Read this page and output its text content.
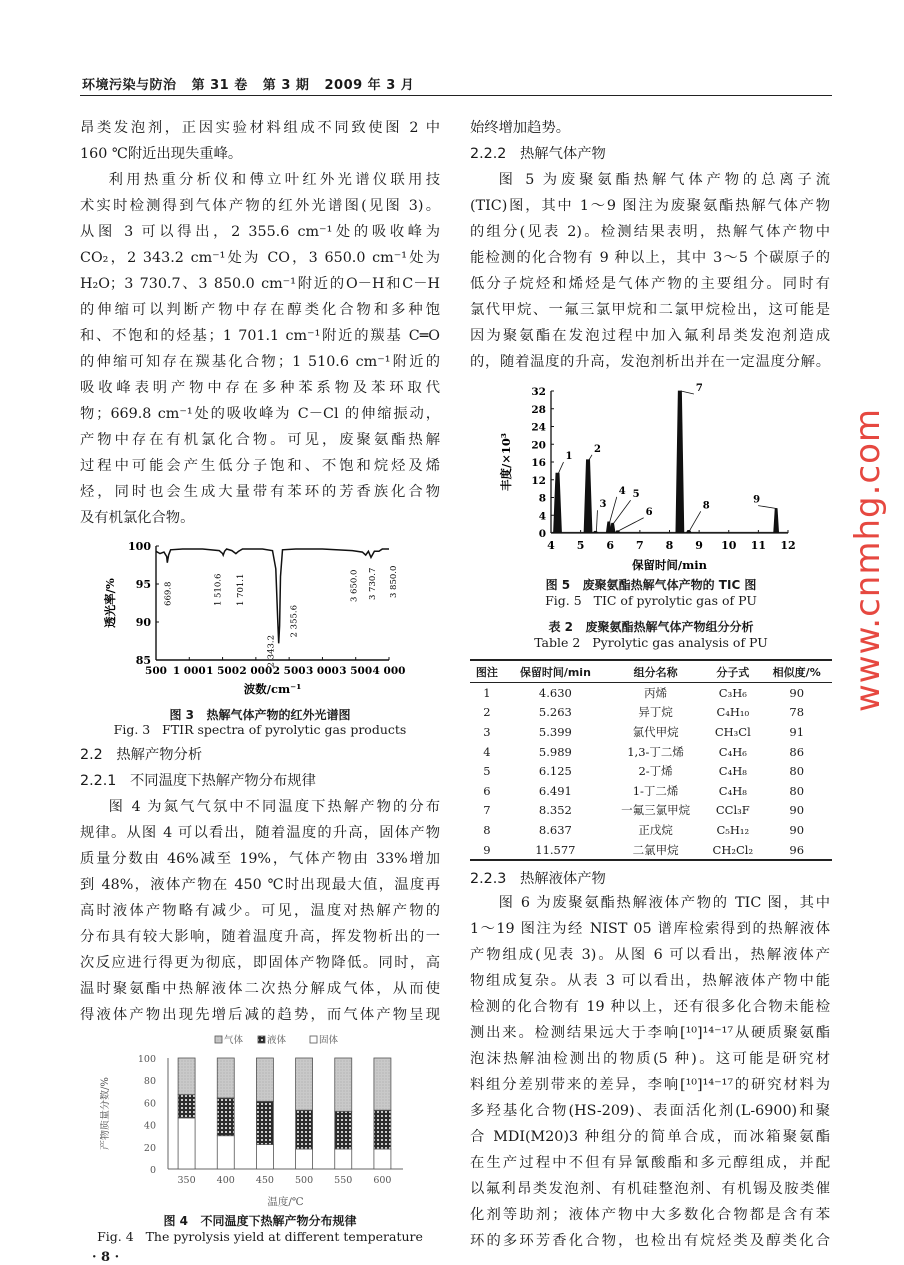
环境污染与防治   第 31 卷   第 3 期   2009 年 3 月
昂类发泡剂，正因实验材料组成不同致使图 2 中
160 ℃附近出现失重峰。
利用热重分析仪和傅立叶红外光谱仪联用技
术实时检测得到气体产物的红外光谱图(见图 3)。
从图 3 可以得出，2 355.6 cm⁻¹处的吸收峰为
CO₂，2 343.2 cm⁻¹处为 CO，3 650.0 cm⁻¹处为
H₂O；3 730.7、3 850.0 cm⁻¹附近的O－H和C－H
的伸缩可以判断产物中存在醇类化合物和多种饱
和、不饱和的烃基；1 701.1 cm⁻¹附近的羰基 C═O
的伸缩可知存在羰基化合物；1 510.6 cm⁻¹附近的
吸收峰表明产物中存在多种苯系物及苯环取代
物；669.8 cm⁻¹处的吸收峰为 C－Cl 的伸缩振动，
产物中存在有机氯化合物。可见，废聚氨酯热解
过程中可能会产生低分子饱和、不饱和烷烃及烯
烃，同时也会生成大量带有苯环的芳香族化合物
及有机氯化合物。
85
90
95
100
500 1 000 1 500 2 000 2 500 3 000 3 500 4 000
波数/cm⁻¹
透光率/%	669.8	1 510.6 1 701.1
2 343.2
2 355.6
3 650.0 3 730.7 3 850.0
图 3   热解气体产物的红外光谱图
Fig. 3   FTIR spectra of pyrolytic gas products
2.2   热解产物分析
2.2.1   不同温度下热解产物分布规律
图 4 为氮气气氛中不同温度下热解产物的分布
规律。从图 4 可以看出，随着温度的升高，固体产物
质量分数由 46%减至 19%，气体产物由 33%增加
到 48%，液体产物在 450 ℃时出现最大值，温度再
高时液体产物略有减少。可见，温度对热解产物的
分布具有较大影响，随着温度升高，挥发物析出的一
次反应进行得更为彻底，即固体产物降低。同时，高
温时聚氨酯中热解液体二次热分解成气体，从而使
得液体产物出现先增后减的趋势，而气体产物呈现
0
20
40
60
80
100
产物质量分数/%
350 400 450 500 550 600
温度/℃
气体	液体	固体
图 4   不同温度下热解产物分布规律
Fig. 4   The pyrolysis yield at different temperature
· 8 ·
始终增加趋势。
2.2.2   热解气体产物
图 5 为废聚氨酯热解气体产物的总离子流
(TIC)图，其中 1～9 图注为废聚氨酯热解气体产物
的组分(见表 2)。检测结果表明，热解气体产物中
能检测的化合物有 9 种以上，其中 3～5 个碳原子的
低分子烷烃和烯烃是气体产物的主要组分。同时有
氯代甲烷、一氟三氯甲烷和二氯甲烷检出，这可能是
因为聚氨酯在发泡过程中加入氟利昂类发泡剂造成
的，随着温度的升高，发泡剂析出并在一定温度分解。
0
4
8
12
16
20
24
28
32
4 5 6 7 8 9 10 11 12
保留时间/min
丰度/×10³	1
2
3
4 5
6
7
8
9
图 5   废聚氨酯热解气体产物的 TIC 图
Fig. 5   TIC of pyrolytic gas of PU
表 2   废聚氨酯热解气体产物组分分析
Table 2   Pyrolytic gas analysis of PU
图注	保留时间/min	组分名称	分子式	相似度/%
1	4.630	丙烯	C₃H₆	90
2	5.263	异丁烷	C₄H₁₀	78
3	5.399	氯代甲烷	CH₃Cl	91
4	5.989	1,3-丁二烯	C₄H₆	86
5	6.125	2-丁烯	C₄H₈	80
6	6.491	1-丁二烯	C₄H₈	80
7	8.352	一氟三氯甲烷	CCl₃F	90
8	8.637	正戊烷	C₅H₁₂	90
9	11.577	二氯甲烷	CH₂Cl₂	96
2.2.3   热解液体产物
图 6 为废聚氨酯热解液体产物的 TIC 图，其中
1～19 图注为经 NIST 05 谱库检索得到的热解液体
产物组成(见表 3)。从图 6 可以看出，热解液体产
物组成复杂。从表 3 可以看出，热解液体产物中能
检测的化合物有 19 种以上，还有很多化合物未能检
测出来。检测结果远大于李响[¹⁰]¹⁴⁻¹⁷从硬质聚氨酯
泡沫热解油检测出的物质(5 种)。这可能是研究材
料组分差别带来的差异，李响[¹⁰]¹⁴⁻¹⁷的研究材料为
多羟基化合物(HS-209)、表面活化剂(L-6900)和聚
合 MDI(M20)3 种组分的简单合成，而冰箱聚氨酯
在生产过程中不但有异氰酸酯和多元醇组成，并配
以氟利昂类发泡剂、有机硅整泡剂、有机锡及胺类催
化剂等助剂；液体产物中大多数化合物都是含有苯
环的多环芳香化合物，也检出有烷烃类及醇类化合
www.cnmhg.com
